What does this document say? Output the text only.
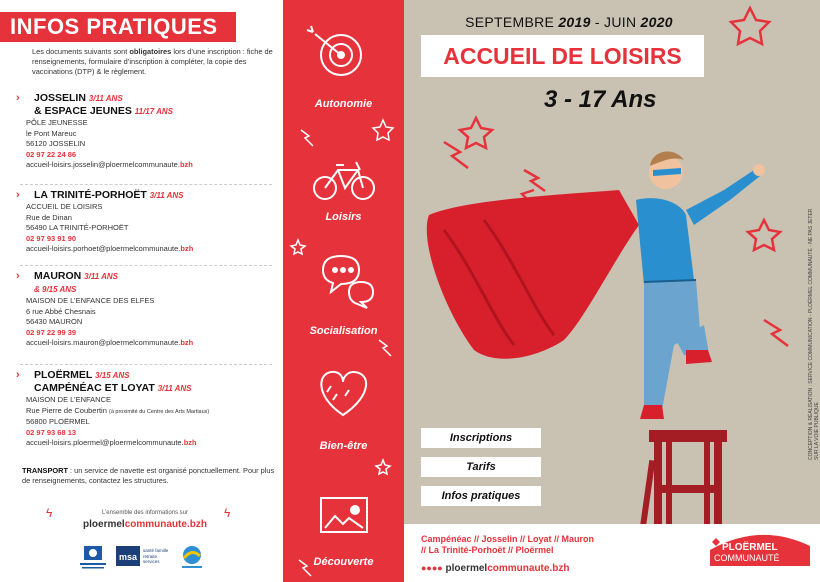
INFOS PRATIQUES
Les documents suivants sont obligatoires lors d’une inscription : fiche de renseignements, formulaire d’inscription à compléter, la copie des vaccinations (DTP) & le règlement.
›	JOSSELIN 3/11 ANS
& ESPACE JEUNES 11/17 ANS
PÔLE JEUNESSE
le Pont Mareuc
56120 JOSSELIN
02 97 22 24 86
accueil-loisirs.josselin@ploermelcommunaute.bzh
›	LA TRINITÉ-PORHOËT 3/11 ANS
ACCUEIL DE LOISIRS
Rue de Dinan
56490 LA TRINITÉ-PORHOËT
02 97 93 91 90
accueil-loisirs.porhoet@ploermelcommunaute.bzh
›	MAURON 3/11 ANS
& 9/15 ANS
MAISON DE L’ENFANCE DES ELFES
6 rue Abbé Chesnais
56430 MAURON
02 97 22 99 39
accueil-loisirs.mauron@ploermelcommunaute.bzh
›	PLOËRMEL 3/15 ANS
CAMPÉNÉAC ET LOYAT 3/11 ANS
MAISON DE L’ENFANCE
Rue Pierre de Coubertin (à proximité du Centre des Arts Martiaux)
56800 PLOËRMEL
02 97 93 68 13
accueil-loisirs.ploermel@ploermelcommunaute.bzh
TRANSPORT : un service de navette est organisé ponctuellement. Pour plus de renseignements, contactez les structures.
ϟ	ϟ
L’ensemble des informations sur
ploermelcommunaute.bzh
msa
santé famille retraite services
Autonomie
Loisirs
Socialisation
Bien-être
Découverte
SEPTEMBRE 2019 - JUIN 2020
ACCUEIL DE LOISIRS
3 - 17 Ans
Inscriptions
Tarifs
Infos pratiques
CONCEPTION & RÉALISATION : SERVICE COMMUNICATION - PLOËRMEL COMMUNAUTÉ - NE PAS JETER SUR LA VOIE PUBLIQUE
Campénéac // Josselin // Loyat // Mauron
// La Trinité-Porhoët // Ploërmel
●●●● ploermelcommunaute.bzh
PLOËRMEL
COMMUNAUTÉ
